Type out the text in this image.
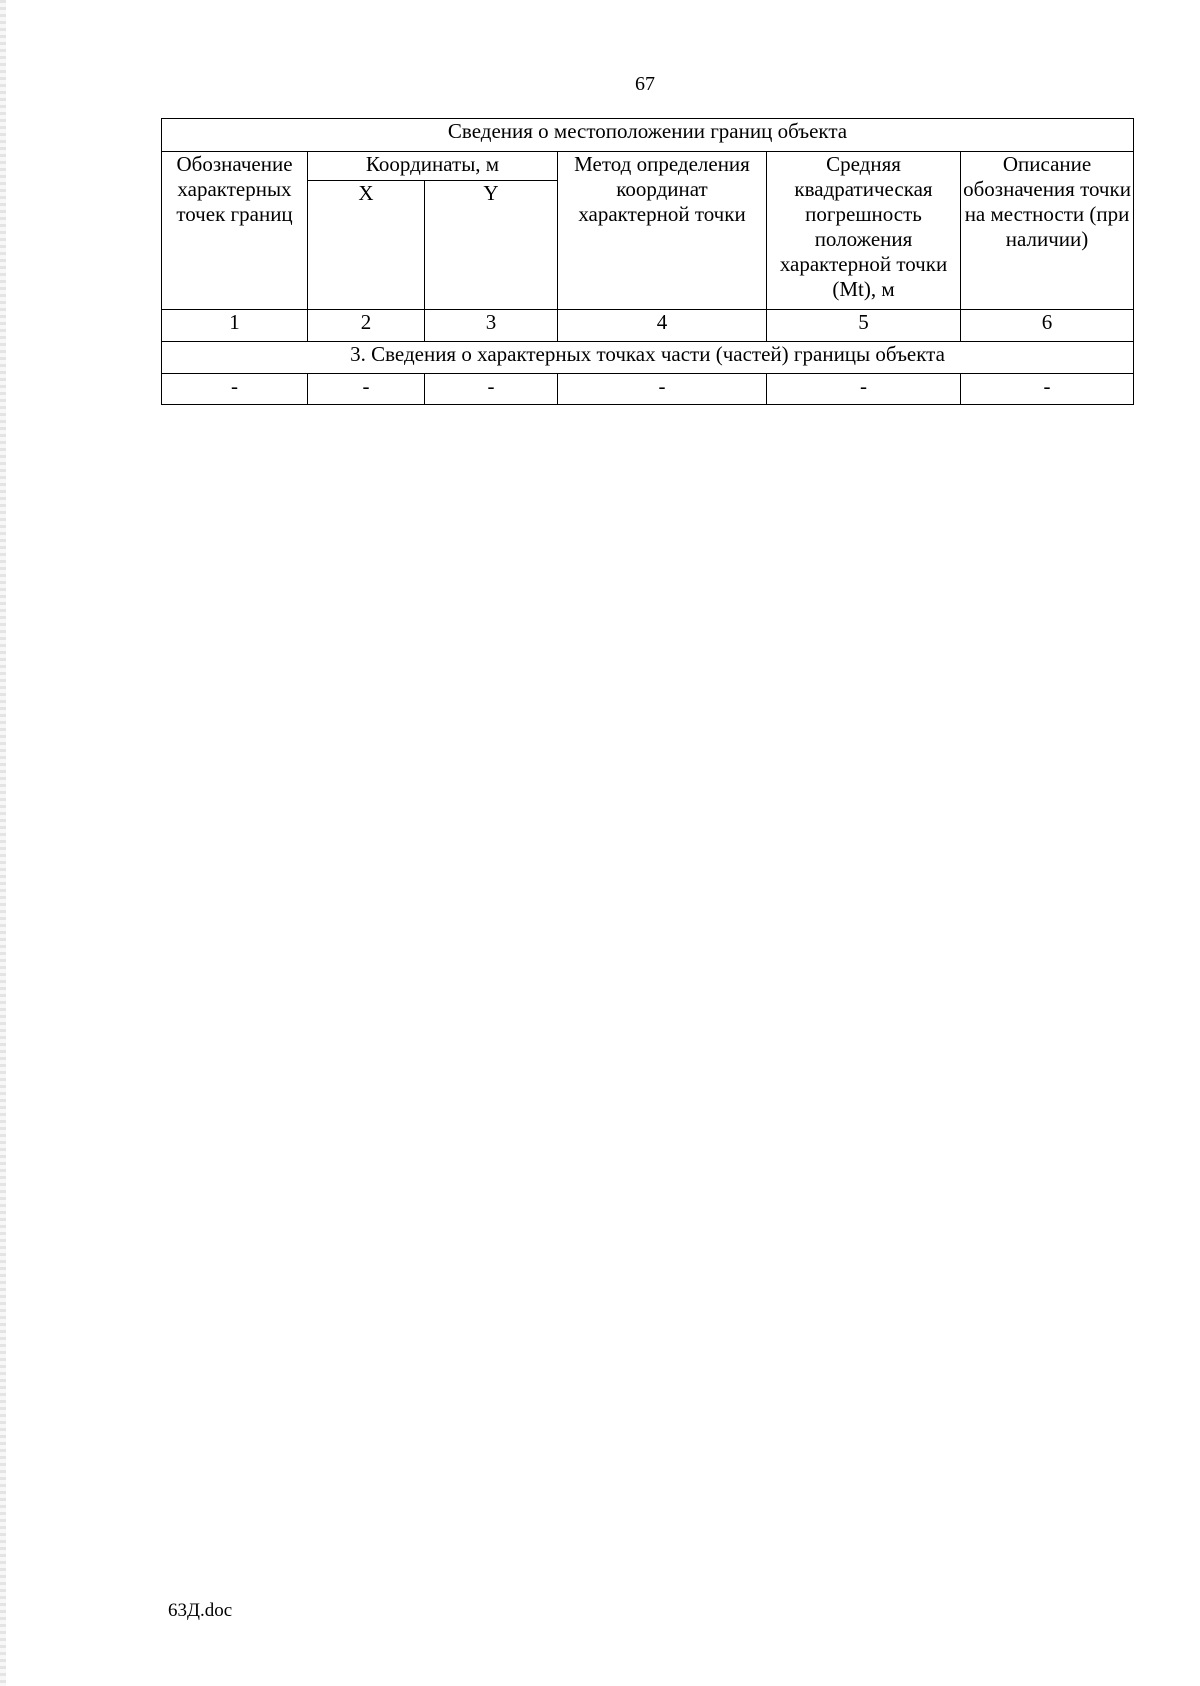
67
Сведения о местоположении границ объекта					
Обозначение характерных точек границ	Координаты, м		Метод определения координат характерной точки	Средняя квадратическая погрешность положения характерной точки (Mt), м	Описание обозначения точки на местности (при наличии)
	X	Y			
1	2	3	4	5	6
3. Сведения о характерных точках части (частей) границы объекта					
-	-	-	-	-	-
63Д.doc
